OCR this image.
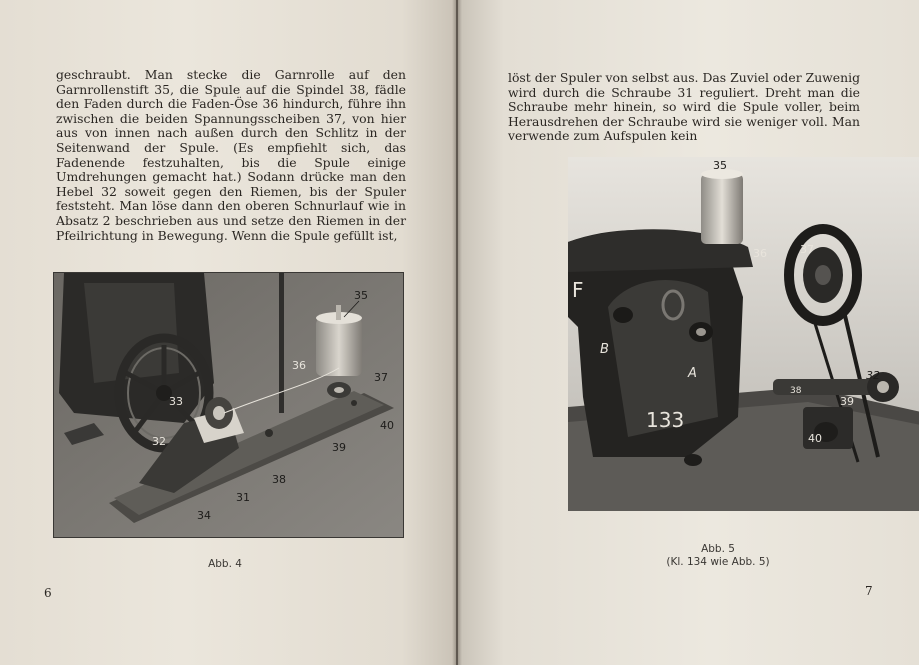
geschraubt. Man stecke die Garnrolle auf den Garnrollenstift 35, die Spule auf die Spindel 38, fädle den Faden durch die Faden-Öse 36 hindurch, führe ihn zwischen die beiden Spannungsscheiben 37, von hier aus von innen nach außen durch den Schlitz in der Seitenwand der Spule. (Es empfiehlt sich, das Fadenende festzuhalten, bis die Spule einige Umdrehungen gemacht hat.) Sodann drücke man den Hebel 32 soweit gegen den Riemen, bis der Spuler feststeht. Man löse dann den oberen Schnurlauf wie in Absatz 2 beschrieben aus und setze den Riemen in der Pfeilrichtung in Bewegung. Wenn die Spule gefüllt ist,

35
36
37
33
32
40
39
38
31
34
Abb. 4
6

löst der Spuler von selbst aus. Das Zuviel oder Zuwenig wird durch die Schraube 31 reguliert. Dreht man die Schraube mehr hinein, so wird die Spule voller, beim Herausdrehen der Schraube wird sie weniger voll. Man verwende zum Aufspulen kein

35
36	37
F
B
A
133
38
32
39
40
Abb. 5
(Kl. 134 wie Abb. 5)
7
